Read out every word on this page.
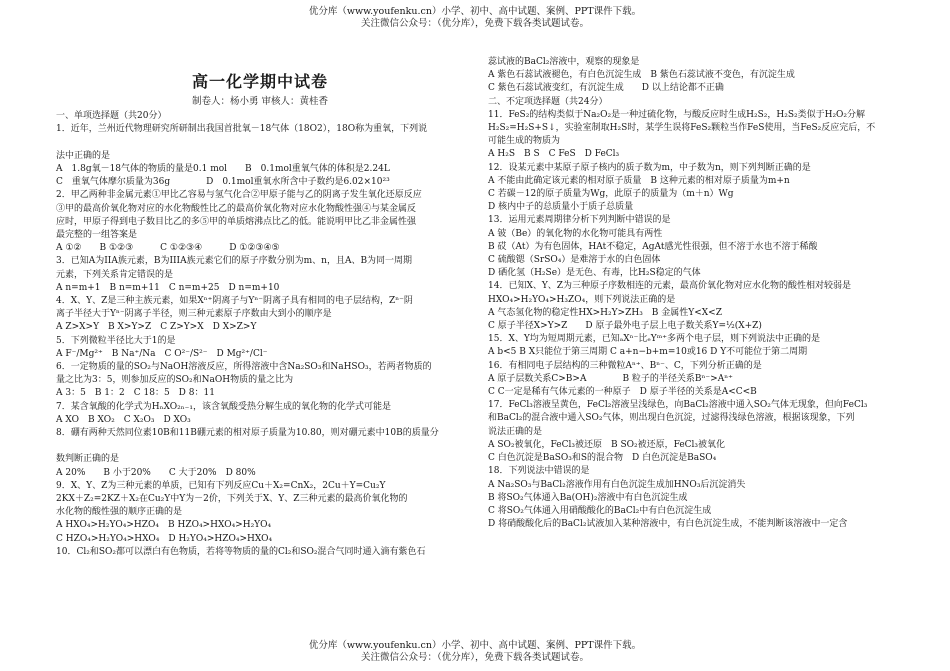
优分库（www.youfenku.cn）小学、初中、高中试题、案例、PPT课件下载。
关注微信公众号：（优分库），免费下载各类试题试卷。
高一化学期中试卷
制卷人：杨小勇 审核人：黄桂香
一、单项选择题（共20分）
1．近年，兰州近代物理研究所研制出我国首批氧－18气体（18O2），18O称为重氧，下列说
法中正确的是
A　1.8g氧－18气体的物质的量是0.1 mol　　B　0.1mol重氧气体的体积是2.24L
C　重氧气体摩尔质量为36g　　　　D　0.1mol重氧水所含中子数约是6.02×10²³
2．甲乙两种非金属元素①甲比乙容易与氢气化合②甲原子能与乙的阴离子发生氧化还原反应
③甲的最高价氧化物对应的水化物酸性比乙的最高价氧化物对应水化物酸性强④与某金属反
应时，甲原子得到电子数目比乙的多⑤甲的单质熔沸点比乙的低。能说明甲比乙非金属性强
最完整的一组答案是
A ①②　　B ①②③　　　C ①②③④　　　D ①②③④⑤
3．已知A为IIA族元素，B为IIIA族元素它们的原子序数分别为m、n，且A、B为同一周期
元素，下列关系肯定错误的是
A n=m+1　B n=m+11　C n=m+25　D n=m+10
4．X、Y、Z是三种主族元素，如果Xⁿ⁺阴离子与Yⁿ⁻阴离子具有相同的电子层结构，Zⁿ⁻阴
离子半径大于Yⁿ⁻阴离子半径，则三种元素原子序数由大到小的顺序是
A Z>X>Y　B X>Y>Z　C Z>Y>X　D X>Z>Y
5．下列微粒半径比大于1的是
A F⁻/Mg²⁺　B Na⁺/Na　C O²⁻/S²⁻　D Mg²⁺/Cl⁻
6．一定物质的量的SO₂与NaOH溶液反应，所得溶液中含Na₂SO₃和NaHSO₃，若两者物质的
量之比为3：5，则参加反应的SO₂和NaOH物质的量之比为
A 3：5　B 1：2　C 18：5　D 8：11
7．某含氧酸的化学式为HₙXO₂ₙ₋₁，该含氧酸受热分解生成的氧化物的化学式可能是
A XO　B XO₂　C X₂O₃　D XO₃
8．硼有两种天然同位素10B和11B硼元素的相对原子质量为10.80，则对硼元素中10B的质量分
数判断正确的是
A 20%　　B 小于20%　　C 大于20%　D 80%
9．X、Y、Z为三种元素的单质，已知有下列反应Cu＋X₂=CnX₂，2Cu＋Y=Cu₂Y
2KX＋Z₂=2KZ＋X₂在Cu₂Y中Y为－2价，下列关于X、Y、Z三种元素的最高价氧化物的
水化物的酸性强的顺序正确的是
A HXO₄>H₂YO₄>HZO₄　B HZO₄>HXO₄>H₂YO₄
C HZO₄>H₂YO₄>HXO₄　D H₂YO₄>HZO₄>HXO₄
10．Cl₂和SO₂都可以漂白有色物质，若将等物质的量的Cl₂和SO₂混合气同时通入滴有紫色石
蕊试液的BaCl₂溶液中，观察的现象是
A 紫色石蕊试液褪色，有白色沉淀生成　B 紫色石蕊试液不变色，有沉淀生成
C 紫色石蕊试液变红，有沉淀生成　　D 以上结论都不正确
二、不定项选择题（共24分）
11．FeS₂的结构类似于Na₂O₂是一种过硫化物，与酸反应时生成H₂S₂，H₂S₂类似于H₂O₂分解
H₂S₂=H₂S+S↓，实验室制取H₂S时，某学生误将FeS₂颗粒当作FeS使用，当FeS₂反应完后，不
可能生成的物质为
A H₂S　B S　C FeS　D FeCl₃
12．设某元素中某原子原子核内的质子数为m，中子数为n，则下列判断正确的是
A 不能由此确定该元素的相对原子质量　B 这种元素的相对原子质量为m+n
C 若碳－12的原子质量为Wg，此原子的质量为（m＋n）Wg
D 核内中子的总质量小于质子总质量
13．运用元素周期律分析下列判断中错误的是
A 铍（Be）的氧化物的水化物可能具有两性
B 砹（At）为有色固体，HAt不稳定，AgAt感光性很强，但不溶于水也不溶于稀酸
C 硫酸锶（SrSO₄）是难溶于水的白色固体
D 硒化氢（H₂Se）是无色、有毒，比H₂S稳定的气体
14．已知X、Y、Z为三种原子序数相连的元素，最高价氧化物对应水化物的酸性相对较弱是
HXO₄>H₂YO₄>H₃ZO₄，则下列说法正确的是
A 气态氢化物的稳定性HX>H₂Y>ZH₃　B 金属性Y<X<Z
C 原子半径X>Y>Z　　D 原子最外电子层上电子数关系Y=½(X+Z)
15．X、Y均为短周期元素，已知ₐXⁿ⁻比ₑYᵐ⁺多两个电子层，则下列说法中正确的是
A b<5 B X只能位于第三周期 C a+n−b+m=10或16 D Y不可能位于第二周期
16．有相同电子层结构的三种微粒Aⁿ⁺、Bⁿ⁻、C，下列分析正确的是
A 原子层数关系C>B>A　　　　B 粒子的半径关系Bⁿ⁻>Aⁿ⁺
C C一定是稀有气体元素的一种原子　D 原子半径的关系是A<C<B
17．FeCl₃溶液呈黄色，FeCl₂溶液呈浅绿色，向BaCl₂溶液中通入SO₂气体无现象，但向FeCl₃
和BaCl₂的混合液中通入SO₂气体，则出现白色沉淀，过滤得浅绿色溶液，根据该现象，下列
说法正确的是
A SO₂被氧化，FeCl₃被还原　B SO₂被还原，FeCl₃被氧化
C 白色沉淀是BaSO₃和S的混合物　D 白色沉淀是BaSO₄
18．下列说法中错误的是
A Na₂SO₃与BaCl₂溶液作用有白色沉淀生成加HNO₃后沉淀消失
B 将SO₂气体通入Ba(OH)₂溶液中有白色沉淀生成
C 将SO₂气体通入用硝酸酸化的BaCl₂中有白色沉淀生成
D 将硝酸酸化后的BaCl₂试液加入某种溶液中，有白色沉淀生成，不能判断该溶液中一定含
优分库（www.youfenku.cn）小学、初中、高中试题、案例、PPT课件下载。
关注微信公众号：（优分库），免费下载各类试题试卷。
